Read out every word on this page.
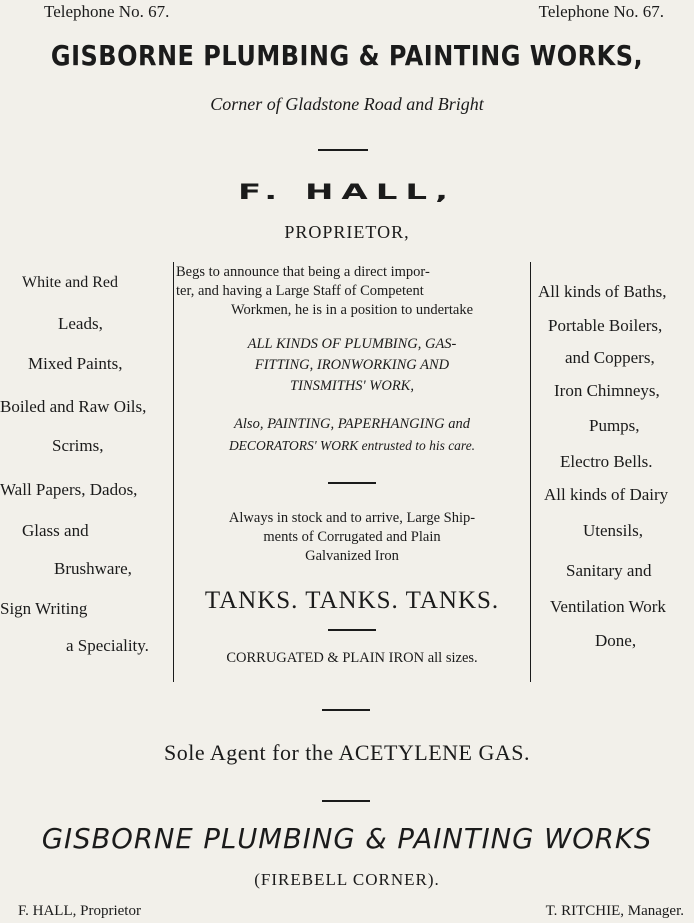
Telephone No. 67.	Telephone No. 67.
GISBORNE PLUMBING & PAINTING WORKS,
Corner of Gladstone Road and Bright
F. HALL,
PROPRIETOR,
White and Red
Leads,
Mixed Paints,
Boiled and Raw Oils,
Scrims,
Wall Papers, Dados,
Glass and
Brushware,
Sign Writing
a Speciality.
Begs to announce that being a direct impor-
ter, and having a Large Staff of Competent
Workmen, he is in a position to undertake
ALL KINDS OF PLUMBING, GAS-
FITTING, IRONWORKING AND
TINSMITHS' WORK,
Also, PAINTING, PAPERHANGING and
DECORATORS' WORK entrusted to his care.
Always in stock and to arrive, Large Ship-
ments of Corrugated and Plain
Galvanized Iron
TANKS. TANKS. TANKS.
CORRUGATED & PLAIN IRON all sizes.
All kinds of Baths,
Portable Boilers,
and Coppers,
Iron Chimneys,
Pumps,
Electro Bells.
All kinds of Dairy
Utensils,
Sanitary and
Ventilation Work
Done,
Sole Agent for the ACETYLENE GAS.
GISBORNE PLUMBING & PAINTING WORKS
(FIREBELL CORNER).
F. HALL, Proprietor	T. RITCHIE, Manager.
